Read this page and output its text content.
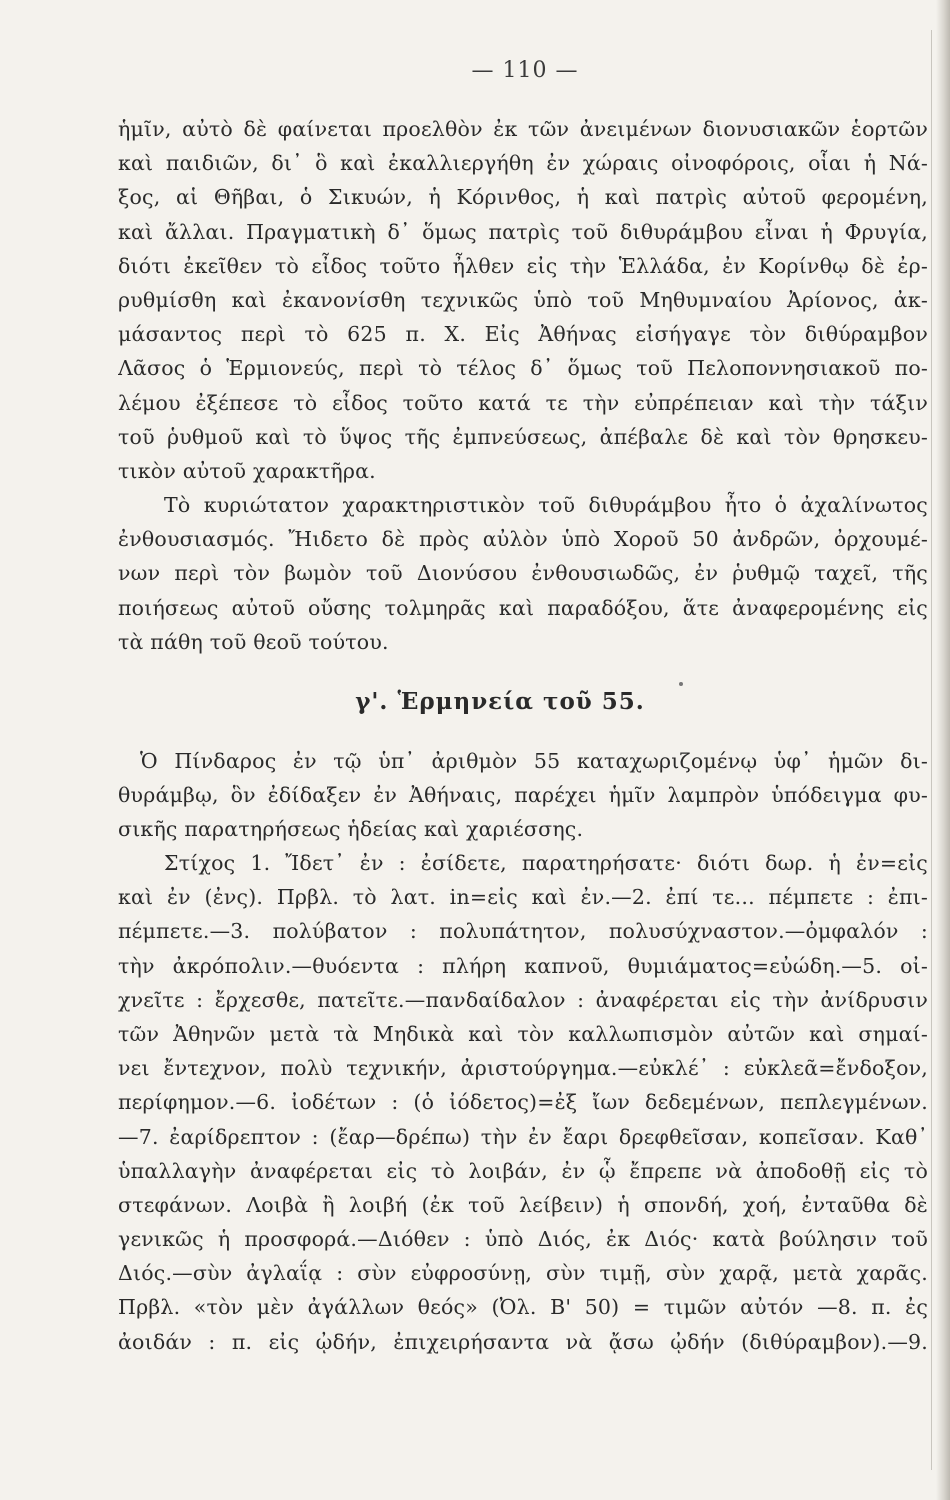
— 110 —
ἡμῖν, αὐτὸ δὲ φαίνεται προελθὸν ἐκ τῶν ἀνειμένων διονυσιακῶν ἑορτῶν
καὶ παιδιῶν, δι᾽ ὃ καὶ ἐκαλλιεργήθη ἐν χώραις οἰνοφόροις, οἷαι ἡ Νά-
ξος, αἱ Θῆβαι, ὁ Σικυών, ἡ Κόρινθος, ἡ καὶ πατρὶς αὐτοῦ φερομένη,
καὶ ἄλλαι. Πραγματικὴ δ᾽ ὅμως πατρὶς τοῦ διθυράμβου εἶναι ἡ Φρυγία,
διότι ἐκεῖθεν τὸ εἶδος τοῦτο ἦλθεν εἰς τὴν Ἑλλάδα, ἐν Κορίνθῳ δὲ ἐρ-
ρυθμίσθη καὶ ἐκανονίσθη τεχνικῶς ὑπὸ τοῦ Μηθυμναίου Ἀρίονος, ἀκ-
μάσαντος περὶ τὸ 625 π. Χ. Εἰς Ἀθήνας εἰσήγαγε τὸν διθύραμβον
Λᾶσος ὁ Ἑρμιονεύς, περὶ τὸ τέλος δ᾽ ὅμως τοῦ Πελοποννησιακοῦ πο-
λέμου ἐξέπεσε τὸ εἶδος τοῦτο κατά τε τὴν εὐπρέπειαν καὶ τὴν τάξιν
τοῦ ῥυθμοῦ καὶ τὸ ὕψος τῆς ἐμπνεύσεως, ἀπέβαλε δὲ καὶ τὸν θρησκευ-
τικὸν αὐτοῦ χαρακτῆρα.
Τὸ κυριώτατον χαρακτηριστικὸν τοῦ διθυράμβου ἦτο ὁ ἀχαλίνωτος
ἐνθουσιασμός. Ἤιδετο δὲ πρὸς αὐλὸν ὑπὸ Χοροῦ 50 ἀνδρῶν, ὀρχουμέ-
νων περὶ τὸν βωμὸν τοῦ Διονύσου ἐνθουσιωδῶς, ἐν ῥυθμῷ ταχεῖ, τῆς
ποιήσεως αὐτοῦ οὔσης τολμηρᾶς καὶ παραδόξου, ἅτε ἀναφερομένης εἰς
τὰ πάθη τοῦ θεοῦ τούτου.
γ'. Ἑρμηνεία τοῦ 55.
Ὁ Πίνδαρος ἐν τῷ ὑπ᾽ ἀριθμὸν 55 καταχωριζομένῳ ὑφ᾽ ἡμῶν δι-
θυράμβῳ, ὃν ἐδίδαξεν ἐν Ἀθήναις, παρέχει ἡμῖν λαμπρὸν ὑπόδειγμα φυ-
σικῆς παρατηρήσεως ἡδείας καὶ χαριέσσης.
Στίχος 1. Ἴδετ᾽ ἐν : ἐσίδετε, παρατηρήσατε· διότι δωρ. ἡ ἐν=εἰς
καὶ ἐν (ἐνς). Πρβλ. τὸ λατ. in=εἰς καὶ ἐν.—2. ἐπί τε... πέμπετε : ἐπι-
πέμπετε.—3. πολύβατον : πολυπάτητον, πολυσύχναστον.—ὀμφαλόν :
τὴν ἀκρόπολιν.—θυόεντα : πλήρη καπνοῦ, θυμιάματος=εὐώδη.—5. οἰ-
χνεῖτε : ἔρχεσθε, πατεῖτε.—πανδαίδαλον : ἀναφέρεται εἰς τὴν ἀνίδρυσιν
τῶν Ἀθηνῶν μετὰ τὰ Μηδικὰ καὶ τὸν καλλωπισμὸν αὐτῶν καὶ σημαί-
νει ἔντεχνον, πολὺ τεχνικήν, ἀριστούργημα.—εὐκλέ᾽ : εὐκλεᾶ=ἔνδοξον,
περίφημον.—6. ἰοδέτων : (ὁ ἰόδετος)=ἐξ ἴων δεδεμένων, πεπλεγμένων.
—7. ἐαρίδρεπτον : (ἔαρ—δρέπω) τὴν ἐν ἔαρι δρεφθεῖσαν, κοπεῖσαν. Καθ᾽
ὑπαλλαγὴν ἀναφέρεται εἰς τὸ λοιβάν, ἐν ᾧ ἔπρεπε νὰ ἀποδοθῇ εἰς τὸ
στεφάνων. Λοιβὰ ἢ λοιβή (ἐκ τοῦ λείβειν) ἡ σπονδή, χοή, ἐνταῦθα δὲ
γενικῶς ἡ προσφορά.—Διόθεν : ὑπὸ Διός, ἐκ Διός· κατὰ βούλησιν τοῦ
Διός.—σὺν ἀγλαΐᾳ : σὺν εὐφροσύνῃ, σὺν τιμῇ, σὺν χαρᾷ, μετὰ χαρᾶς.
Πρβλ. «τὸν μὲν ἀγάλλων θεός» (Ὀλ. Β' 50) = τιμῶν αὐτόν —8. π. ἐς
ἀοιδάν : π. εἰς ᾠδήν, ἐπιχειρήσαντα νὰ ᾄσω ᾠδήν (διθύραμβον).—9.
